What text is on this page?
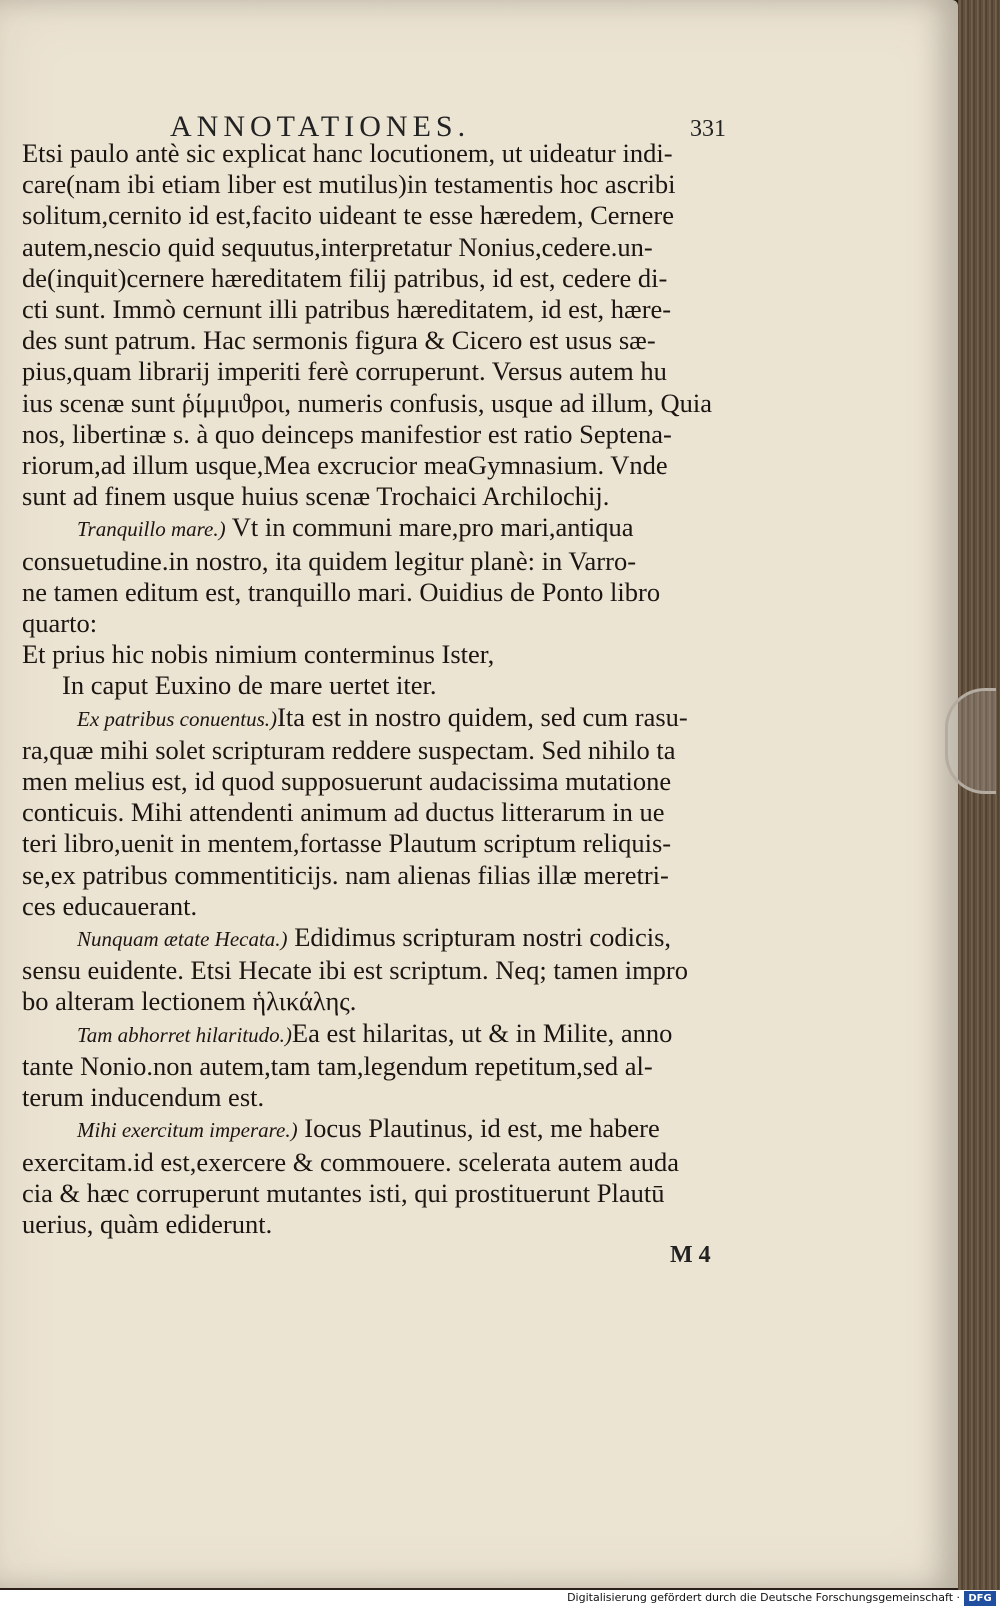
ANNOTATIONES.	331
Etsi paulo antè sic explicat hanc locutionem, ut uideatur indi-
care(nam ibi etiam liber est mutilus)in testamentis hoc ascribi
solitum,cernito id est,facito uideant te esse hæredem, Cernere
autem,nescio quid sequutus,interpretatur Nonius,cedere.un-
de(inquit)cernere hæreditatem filij patribus, id est, cedere di-
cti sunt. Immò cernunt illi patribus hæreditatem, id est, hære-
des sunt patrum. Hac sermonis figura & Cicero est usus sæ-
pius,quam librarij imperiti ferè corruperunt. Versus autem hu
ius scenæ sunt ῥίμμιϑροι, numeris confusis, usque ad illum, Quia
nos, libertinæ s. à quo deinceps manifestior est ratio Septena-
riorum,ad illum usque,Mea excrucior meaGymnasium. Vnde
sunt ad finem usque huius scenæ Trochaici Archilochij.
Tranquillo mare.) Vt in communi mare,pro mari,antiqua
consuetudine.in nostro, ita quidem legitur planè: in Varro-
ne tamen editum est, tranquillo mari. Ouidius de Ponto libro
quarto:
Et prius hic nobis nimium conterminus Ister,
In caput Euxino de mare uertet iter.
Ex patribus conuentus.)Ita est in nostro quidem, sed cum rasu-
ra,quæ mihi solet scripturam reddere suspectam. Sed nihilo ta
men melius est, id quod supposuerunt audacissima mutatione
conticuis. Mihi attendenti animum ad ductus litterarum in ue
teri libro,uenit in mentem,fortasse Plautum scriptum reliquis-
se,ex patribus commentiticijs. nam alienas filias illæ meretri-
ces educauerant.
Nunquam ætate Hecata.) Edidimus scripturam nostri codicis,
sensu euidente. Etsi Hecate ibi est scriptum. Neq; tamen impro
bo alteram lectionem ἡλικάλης.
Tam abhorret hilaritudo.)Ea est hilaritas, ut & in Milite, anno
tante Nonio.non autem,tam tam,legendum repetitum,sed al-
terum inducendum est.
Mihi exercitum imperare.) Iocus Plautinus, id est, me habere
exercitam.id est,exercere & commouere. scelerata autem auda
cia & hæc corruperunt mutantes isti, qui prostituerunt Plautū
uerius, quàm ediderunt.
M 4
Digitalisierung gefördert durch die Deutsche Forschungsgemeinschaft · DFG
